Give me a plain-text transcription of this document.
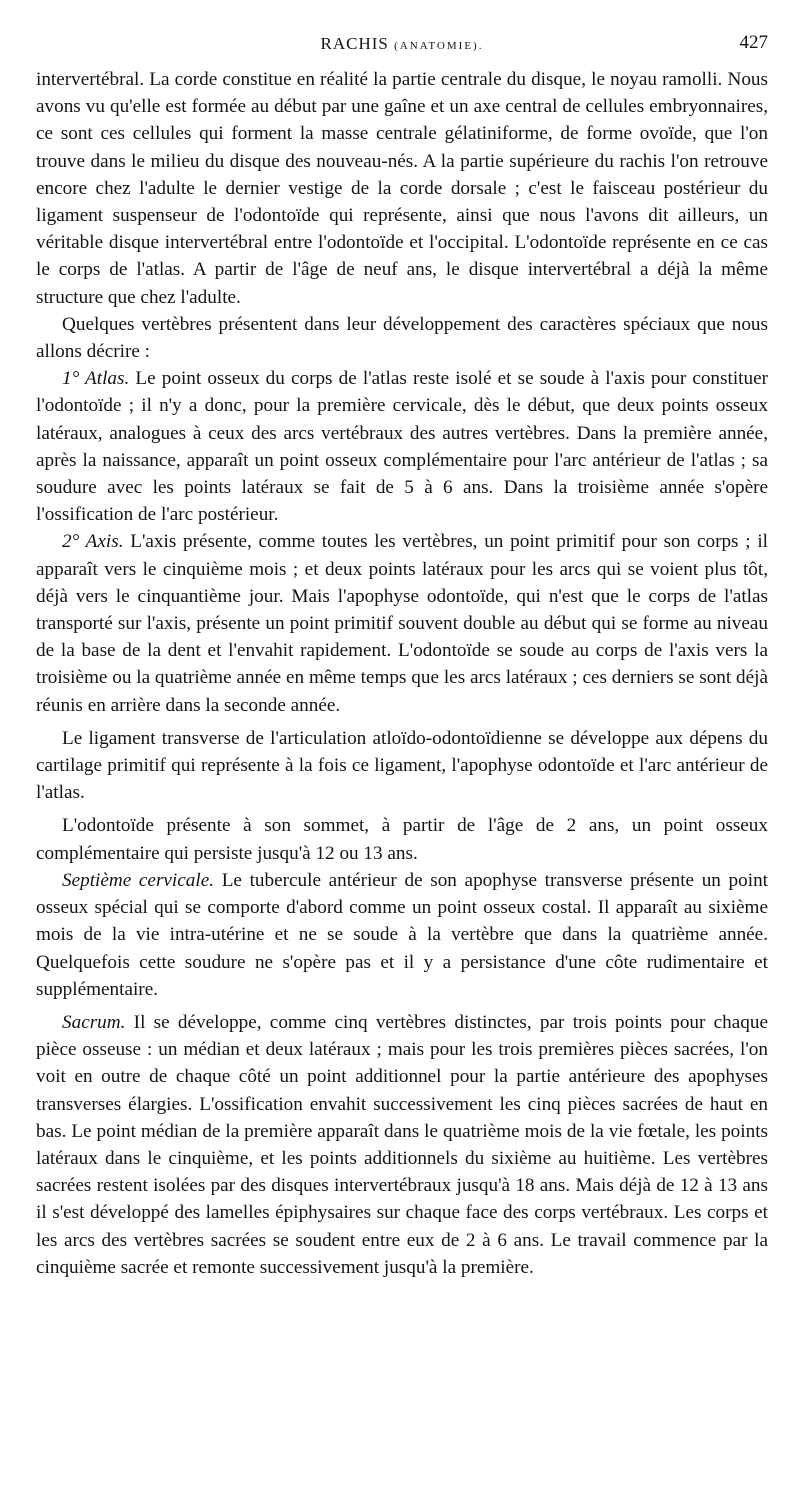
RACHIS (ANATOMIE).	427

intervertébral. La corde constitue en réalité la partie centrale du disque, le noyau ramolli. Nous avons vu qu'elle est formée au début par une gaîne et un axe central de cellules embryonnaires, ce sont ces cellules qui forment la masse centrale gélatiniforme, de forme ovoïde, que l'on trouve dans le milieu du disque des nouveau-nés. A la partie supérieure du rachis l'on retrouve encore chez l'adulte le dernier vestige de la corde dorsale ; c'est le faisceau postérieur du ligament suspenseur de l'odontoïde qui représente, ainsi que nous l'avons dit ailleurs, un véritable disque intervertébral entre l'odontoïde et l'occipital. L'odontoïde représente en ce cas le corps de l'atlas. A partir de l'âge de neuf ans, le disque intervertébral a déjà la même structure que chez l'adulte.

Quelques vertèbres présentent dans leur développement des caractères spéciaux que nous allons décrire :

1° Atlas. Le point osseux du corps de l'atlas reste isolé et se soude à l'axis pour constituer l'odontoïde ; il n'y a donc, pour la première cervicale, dès le début, que deux points osseux latéraux, analogues à ceux des arcs vertébraux des autres vertèbres. Dans la première année, après la naissance, apparaît un point osseux complémentaire pour l'arc antérieur de l'atlas ; sa soudure avec les points latéraux se fait de 5 à 6 ans. Dans la troisième année s'opère l'ossification de l'arc postérieur.

2° Axis. L'axis présente, comme toutes les vertèbres, un point primitif pour son corps ; il apparaît vers le cinquième mois ; et deux points latéraux pour les arcs qui se voient plus tôt, déjà vers le cinquantième jour. Mais l'apophyse odontoïde, qui n'est que le corps de l'atlas transporté sur l'axis, présente un point primitif souvent double au début qui se forme au niveau de la base de la dent et l'envahit rapidement. L'odontoïde se soude au corps de l'axis vers la troisième ou la quatrième année en même temps que les arcs latéraux ; ces derniers se sont déjà réunis en arrière dans la seconde année.

Le ligament transverse de l'articulation atloïdo-odontoïdienne se développe aux dépens du cartilage primitif qui représente à la fois ce ligament, l'apophyse odontoïde et l'arc antérieur de l'atlas.

L'odontoïde présente à son sommet, à partir de l'âge de 2 ans, un point osseux complémentaire qui persiste jusqu'à 12 ou 13 ans.

Septième cervicale. Le tubercule antérieur de son apophyse transverse présente un point osseux spécial qui se comporte d'abord comme un point osseux costal. Il apparaît au sixième mois de la vie intra-utérine et ne se soude à la vertèbre que dans la quatrième année. Quelquefois cette soudure ne s'opère pas et il y a persistance d'une côte rudimentaire et supplémentaire.

Sacrum. Il se développe, comme cinq vertèbres distinctes, par trois points pour chaque pièce osseuse : un médian et deux latéraux ; mais pour les trois premières pièces sacrées, l'on voit en outre de chaque côté un point additionnel pour la partie antérieure des apophyses transverses élargies. L'ossification envahit successivement les cinq pièces sacrées de haut en bas. Le point médian de la première apparaît dans le quatrième mois de la vie fœtale, les points latéraux dans le cinquième, et les points additionnels du sixième au huitième. Les vertèbres sacrées restent isolées par des disques intervertébraux jusqu'à 18 ans. Mais déjà de 12 à 13 ans il s'est développé des lamelles épiphysaires sur chaque face des corps vertébraux. Les corps et les arcs des vertèbres sacrées se soudent entre eux de 2 à 6 ans. Le travail commence par la cinquième sacrée et remonte successivement jusqu'à la première.
